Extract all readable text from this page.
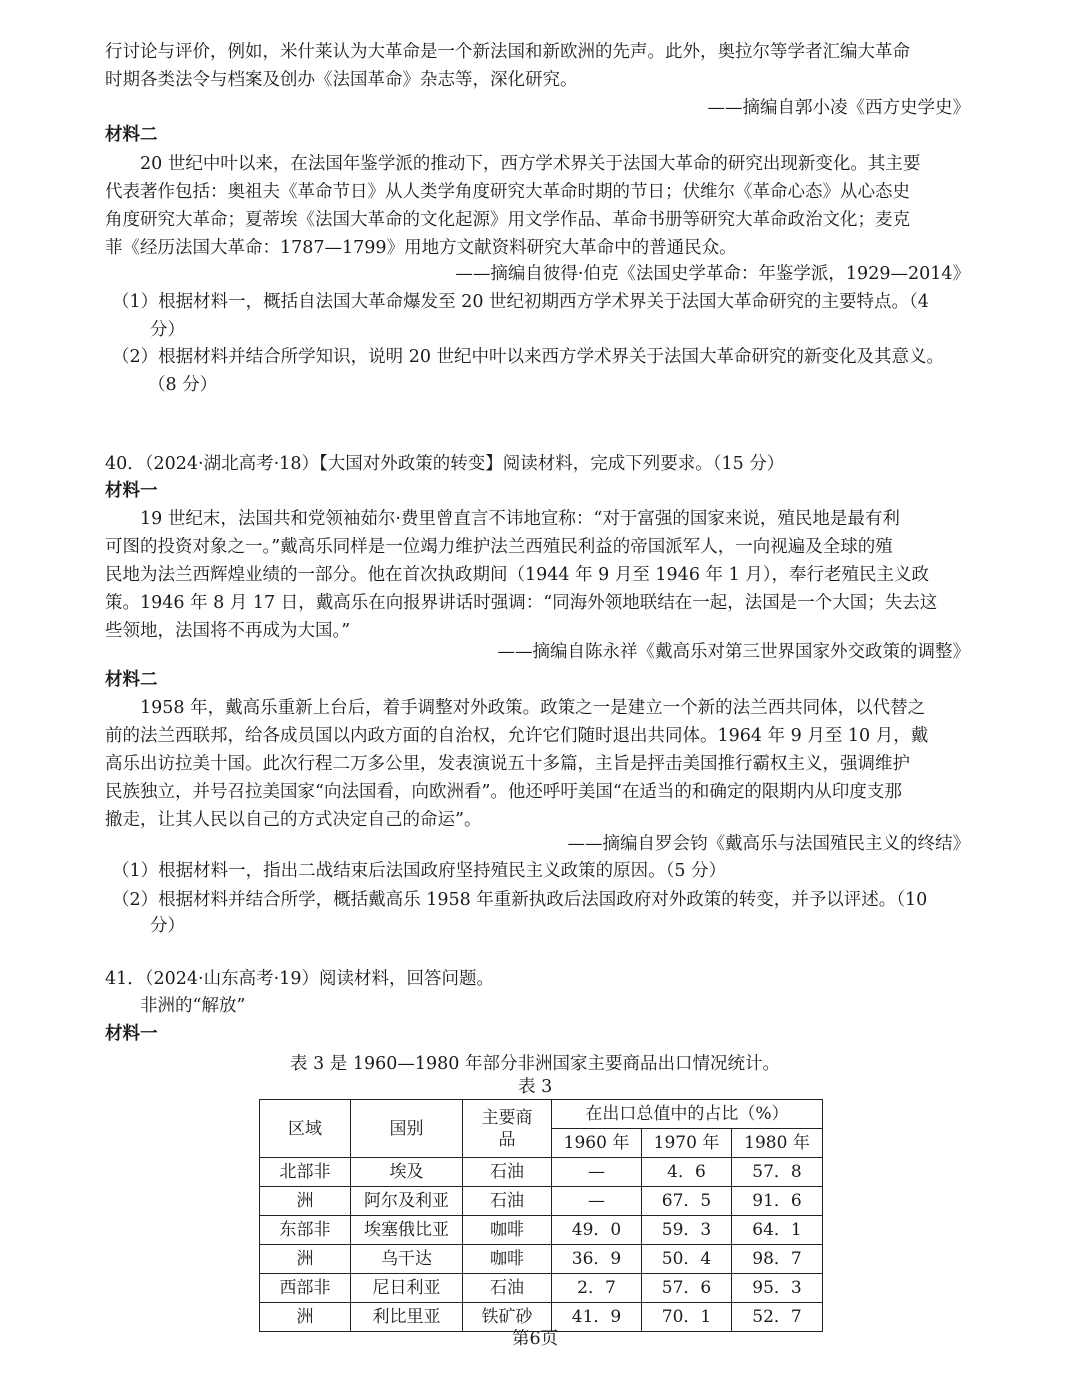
行讨论与评价，例如，米什莱认为大革命是一个新法国和新欧洲的先声。此外，奥拉尔等学者汇编大革命
时期各类法令与档案及创办《法国革命》杂志等，深化研究。
——摘编自郭小凌《西方史学史》
材料二
20 世纪中叶以来，在法国年鉴学派的推动下，西方学术界关于法国大革命的研究出现新变化。其主要
代表著作包括：奥祖夫《革命节日》从人类学角度研究大革命时期的节日；伏维尔《革命心态》从心态史
角度研究大革命；夏蒂埃《法国大革命的文化起源》用文学作品、革命书册等研究大革命政治文化；麦克
菲《经历法国大革命：1787—1799》用地方文献资料研究大革命中的普通民众。
——摘编自彼得·伯克《法国史学革命：年鉴学派，1929—2014》
（1）根据材料一，概括自法国大革命爆发至 20 世纪初期西方学术界关于法国大革命研究的主要特点。（4
分）
（2）根据材料并结合所学知识，说明 20 世纪中叶以来西方学术界关于法国大革命研究的新变化及其意义。
（8 分）
40．（2024·湖北高考·18）【大国对外政策的转变】阅读材料，完成下列要求。（15 分）
材料一
19 世纪末，法国共和党领袖茹尔·费里曾直言不讳地宣称：“对于富强的国家来说，殖民地是最有利
可图的投资对象之一。”戴高乐同样是一位竭力维护法兰西殖民利益的帝国派军人，一向视遍及全球的殖
民地为法兰西辉煌业绩的一部分。他在首次执政期间（1944 年 9 月至 1946 年 1 月），奉行老殖民主义政
策。1946 年 8 月 17 日，戴高乐在向报界讲话时强调：“同海外领地联结在一起，法国是一个大国；失去这
些领地，法国将不再成为大国。”
——摘编自陈永祥《戴高乐对第三世界国家外交政策的调整》
材料二
1958 年，戴高乐重新上台后，着手调整对外政策。政策之一是建立一个新的法兰西共同体，以代替之
前的法兰西联邦，给各成员国以内政方面的自治权，允许它们随时退出共同体。1964 年 9 月至 10 月，戴
高乐出访拉美十国。此次行程二万多公里，发表演说五十多篇，主旨是抨击美国推行霸权主义，强调维护
民族独立，并号召拉美国家“向法国看，向欧洲看”。他还呼吁美国“在适当的和确定的限期内从印度支那
撤走，让其人民以自己的方式决定自己的命运”。
——摘编自罗会钧《戴高乐与法国殖民主义的终结》
（1）根据材料一，指出二战结束后法国政府坚持殖民主义政策的原因。（5 分）
（2）根据材料并结合所学，概括戴高乐 1958 年重新执政后法国政府对外政策的转变，并予以评述。（10
分）
41．（2024·山东高考·19）阅读材料，回答问题。
非洲的“解放”
材料一
表 3 是 1960—1980 年部分非洲国家主要商品出口情况统计。
表 3
区域	国别	主要商
品	在出口总值中的占比（%）		
			1960 年	1970 年	1980 年
北部非	埃及	石油	—	4．6	57．8
洲	阿尔及利亚	石油	—	67．5	91．6
东部非	埃塞俄比亚	咖啡	49．0	59．3	64．1
洲	乌干达	咖啡	36．9	50．4	98．7
西部非	尼日利亚	石油	2．7	57．6	95．3
洲	利比里亚	铁矿砂	41．9	70．1	52．7
第6页
